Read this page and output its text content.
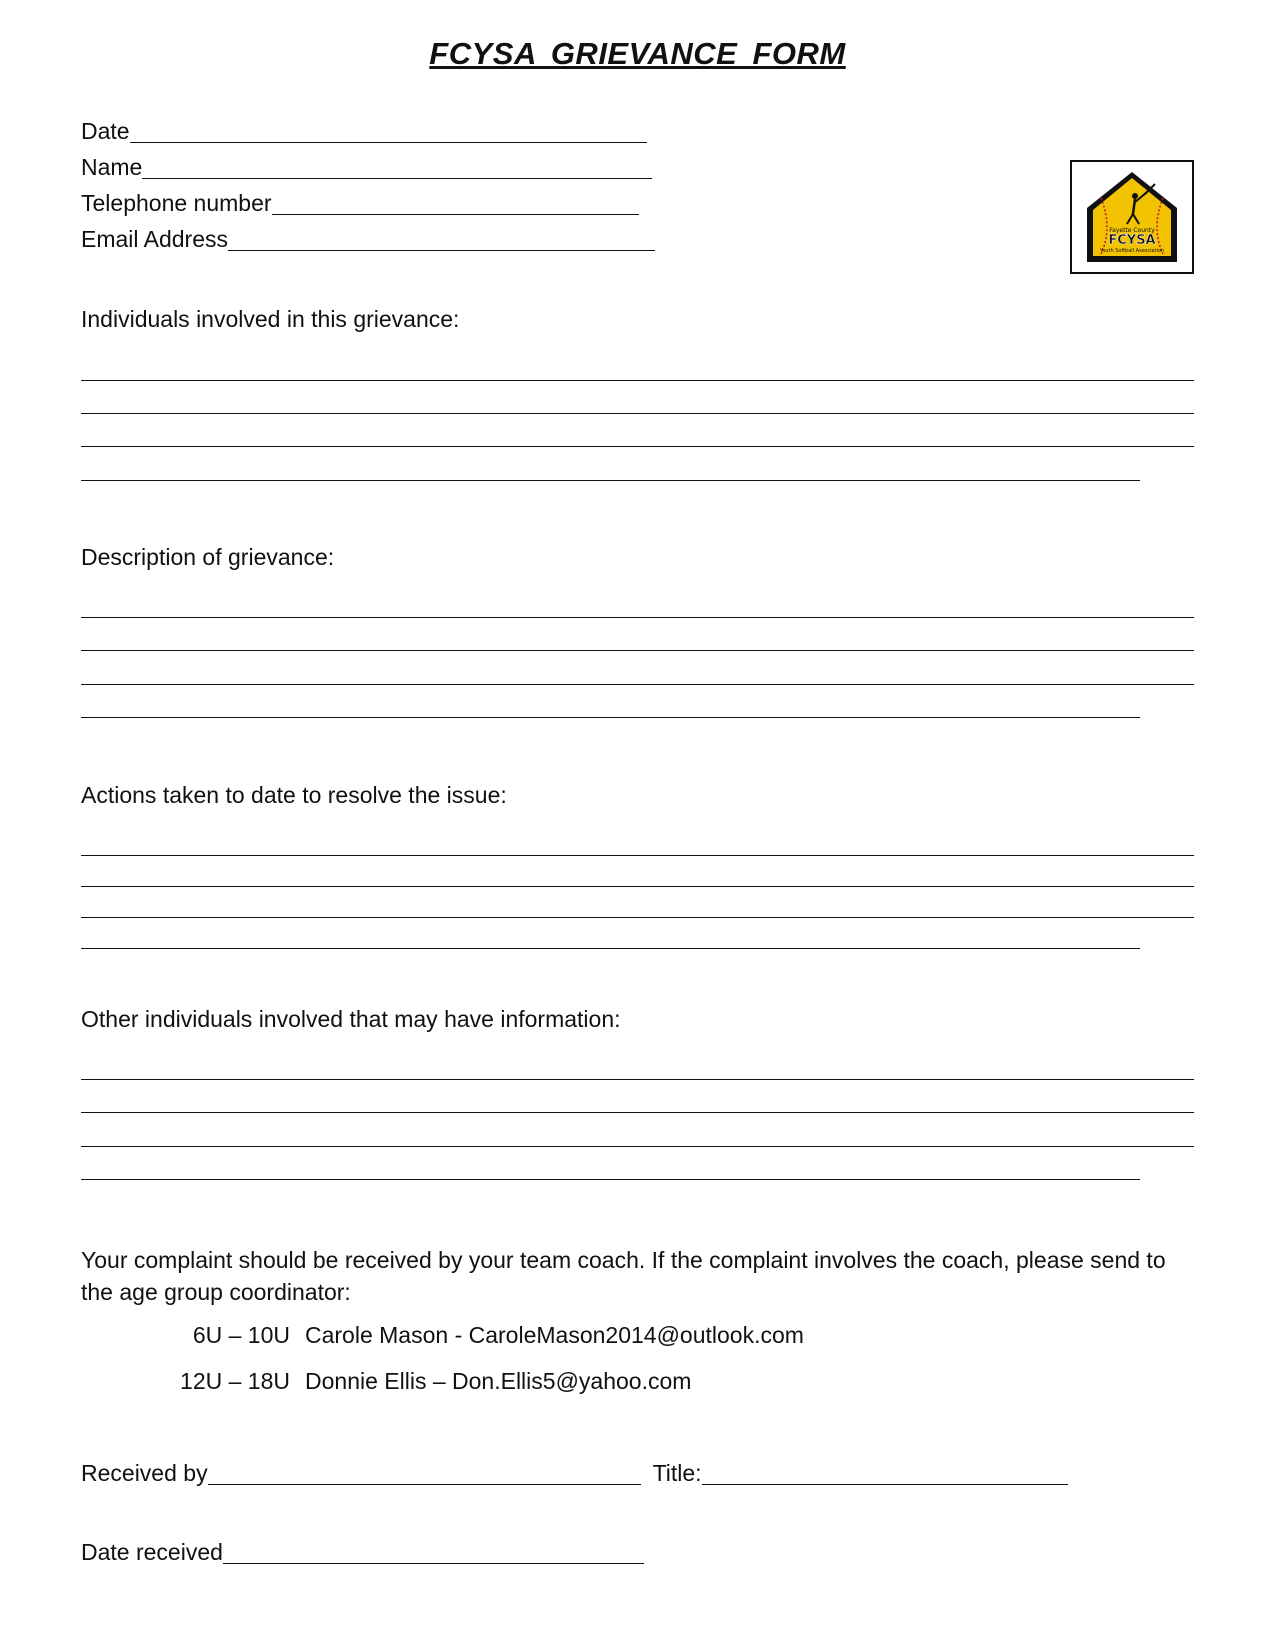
FCYSA GRIEVANCE FORM
Date
Name
Telephone number
Email Address	Fayette County
FCYSA
Youth Softball Association
Individuals involved in this grievance:
Description of grievance:
Actions taken to date to resolve the issue:
Other individuals involved that may have information:
Your complaint should be received by your team coach. If the complaint involves the coach, please send to the age group coordinator:
6U – 10U Carole Mason - CaroleMason2014@outlook.com
12U – 18U Donnie Ellis – Don.Ellis5@yahoo.com
Received by	Title:
Date received
